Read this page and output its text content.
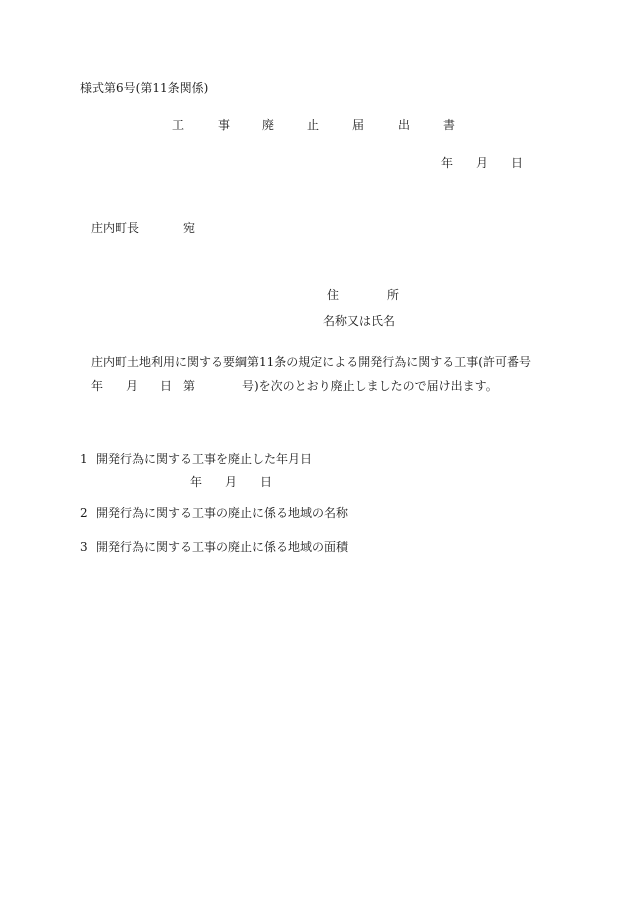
様式第6号(第11条関係)
工	事	廃	止	届	出	書
年 月 日
庄内町長	宛
住　　　　所
名称又は氏名
庄内町土地利用に関する要綱第11条の規定による開発行為に関する工事(許可番号
年 月 日 第	号)を次のとおり廃止しましたので届け出ます。
1 開発行為に関する工事を廃止した年月日
年 月 日
2 開発行為に関する工事の廃止に係る地域の名称
3 開発行為に関する工事の廃止に係る地域の面積
